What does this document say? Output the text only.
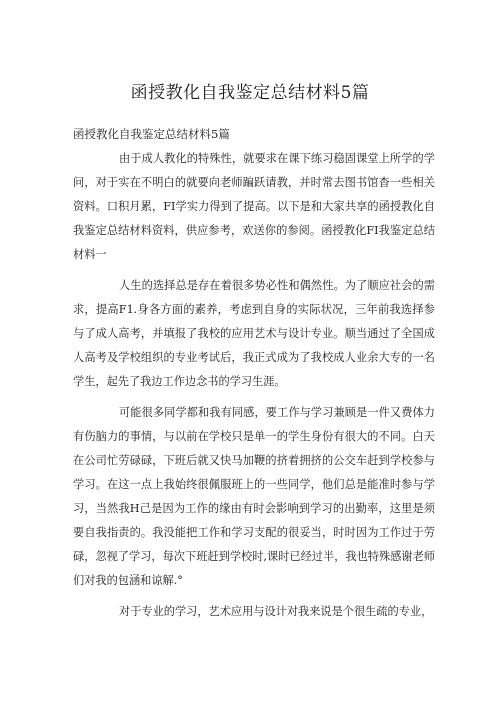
函授教化自我鉴定总结材料5篇
函授教化自我鉴定总结材料5篇

由于成人教化的特殊性，就要求在课下练习稳固课堂上所学的学问，对于实在不明白的就要向老师蹁跃请教，并时常去图书馆杳一些相关资料。口积月累，FI学实力得到了提高。以下是和大家共享的函授教化自我鉴定总结材料资料，供应参考，欢送你的参阅。函授教化FI我鉴定总结材料一

人生的选择总是存在着很多势必性和偶然性。为了顺应社会的需求，提高F1.身各方面的素养，考虑到自身的实际状况，三年前我选择参与了成人高考，并填报了我校的应用艺术与设计专业。顺当通过了全国成人高考及学校组织的专业考试后，我正式成为了我校成人业余大专的一名学生，起先了我边工作边念书的学习生涯。

可能很多同学都和我有同感，要工作与学习兼顾是一件又费体力有伤脑力的事情，与以前在学校只是单一的学生身份有很大的不同。白天在公司忙劳碌碌，下班后就又快马加鞭的挤着拥挤的公交车赶到学校参与学习。在这一点上我始终很佩服班上的一些同学，他们总是能准时参与学习，当然我H己是因为工作的缘由有时会影响到学习的出勤率，这里是须要自我指责的。我没能把工作和学习支配的很妥当，时时因为工作过于劳碌，忽视了学习，每次下班赶到学校时,课时已经过半，我也特殊感谢老师们对我的包涵和谅解.°

对于专业的学习，艺术应用与设计对我来说是个很生疏的专业，
